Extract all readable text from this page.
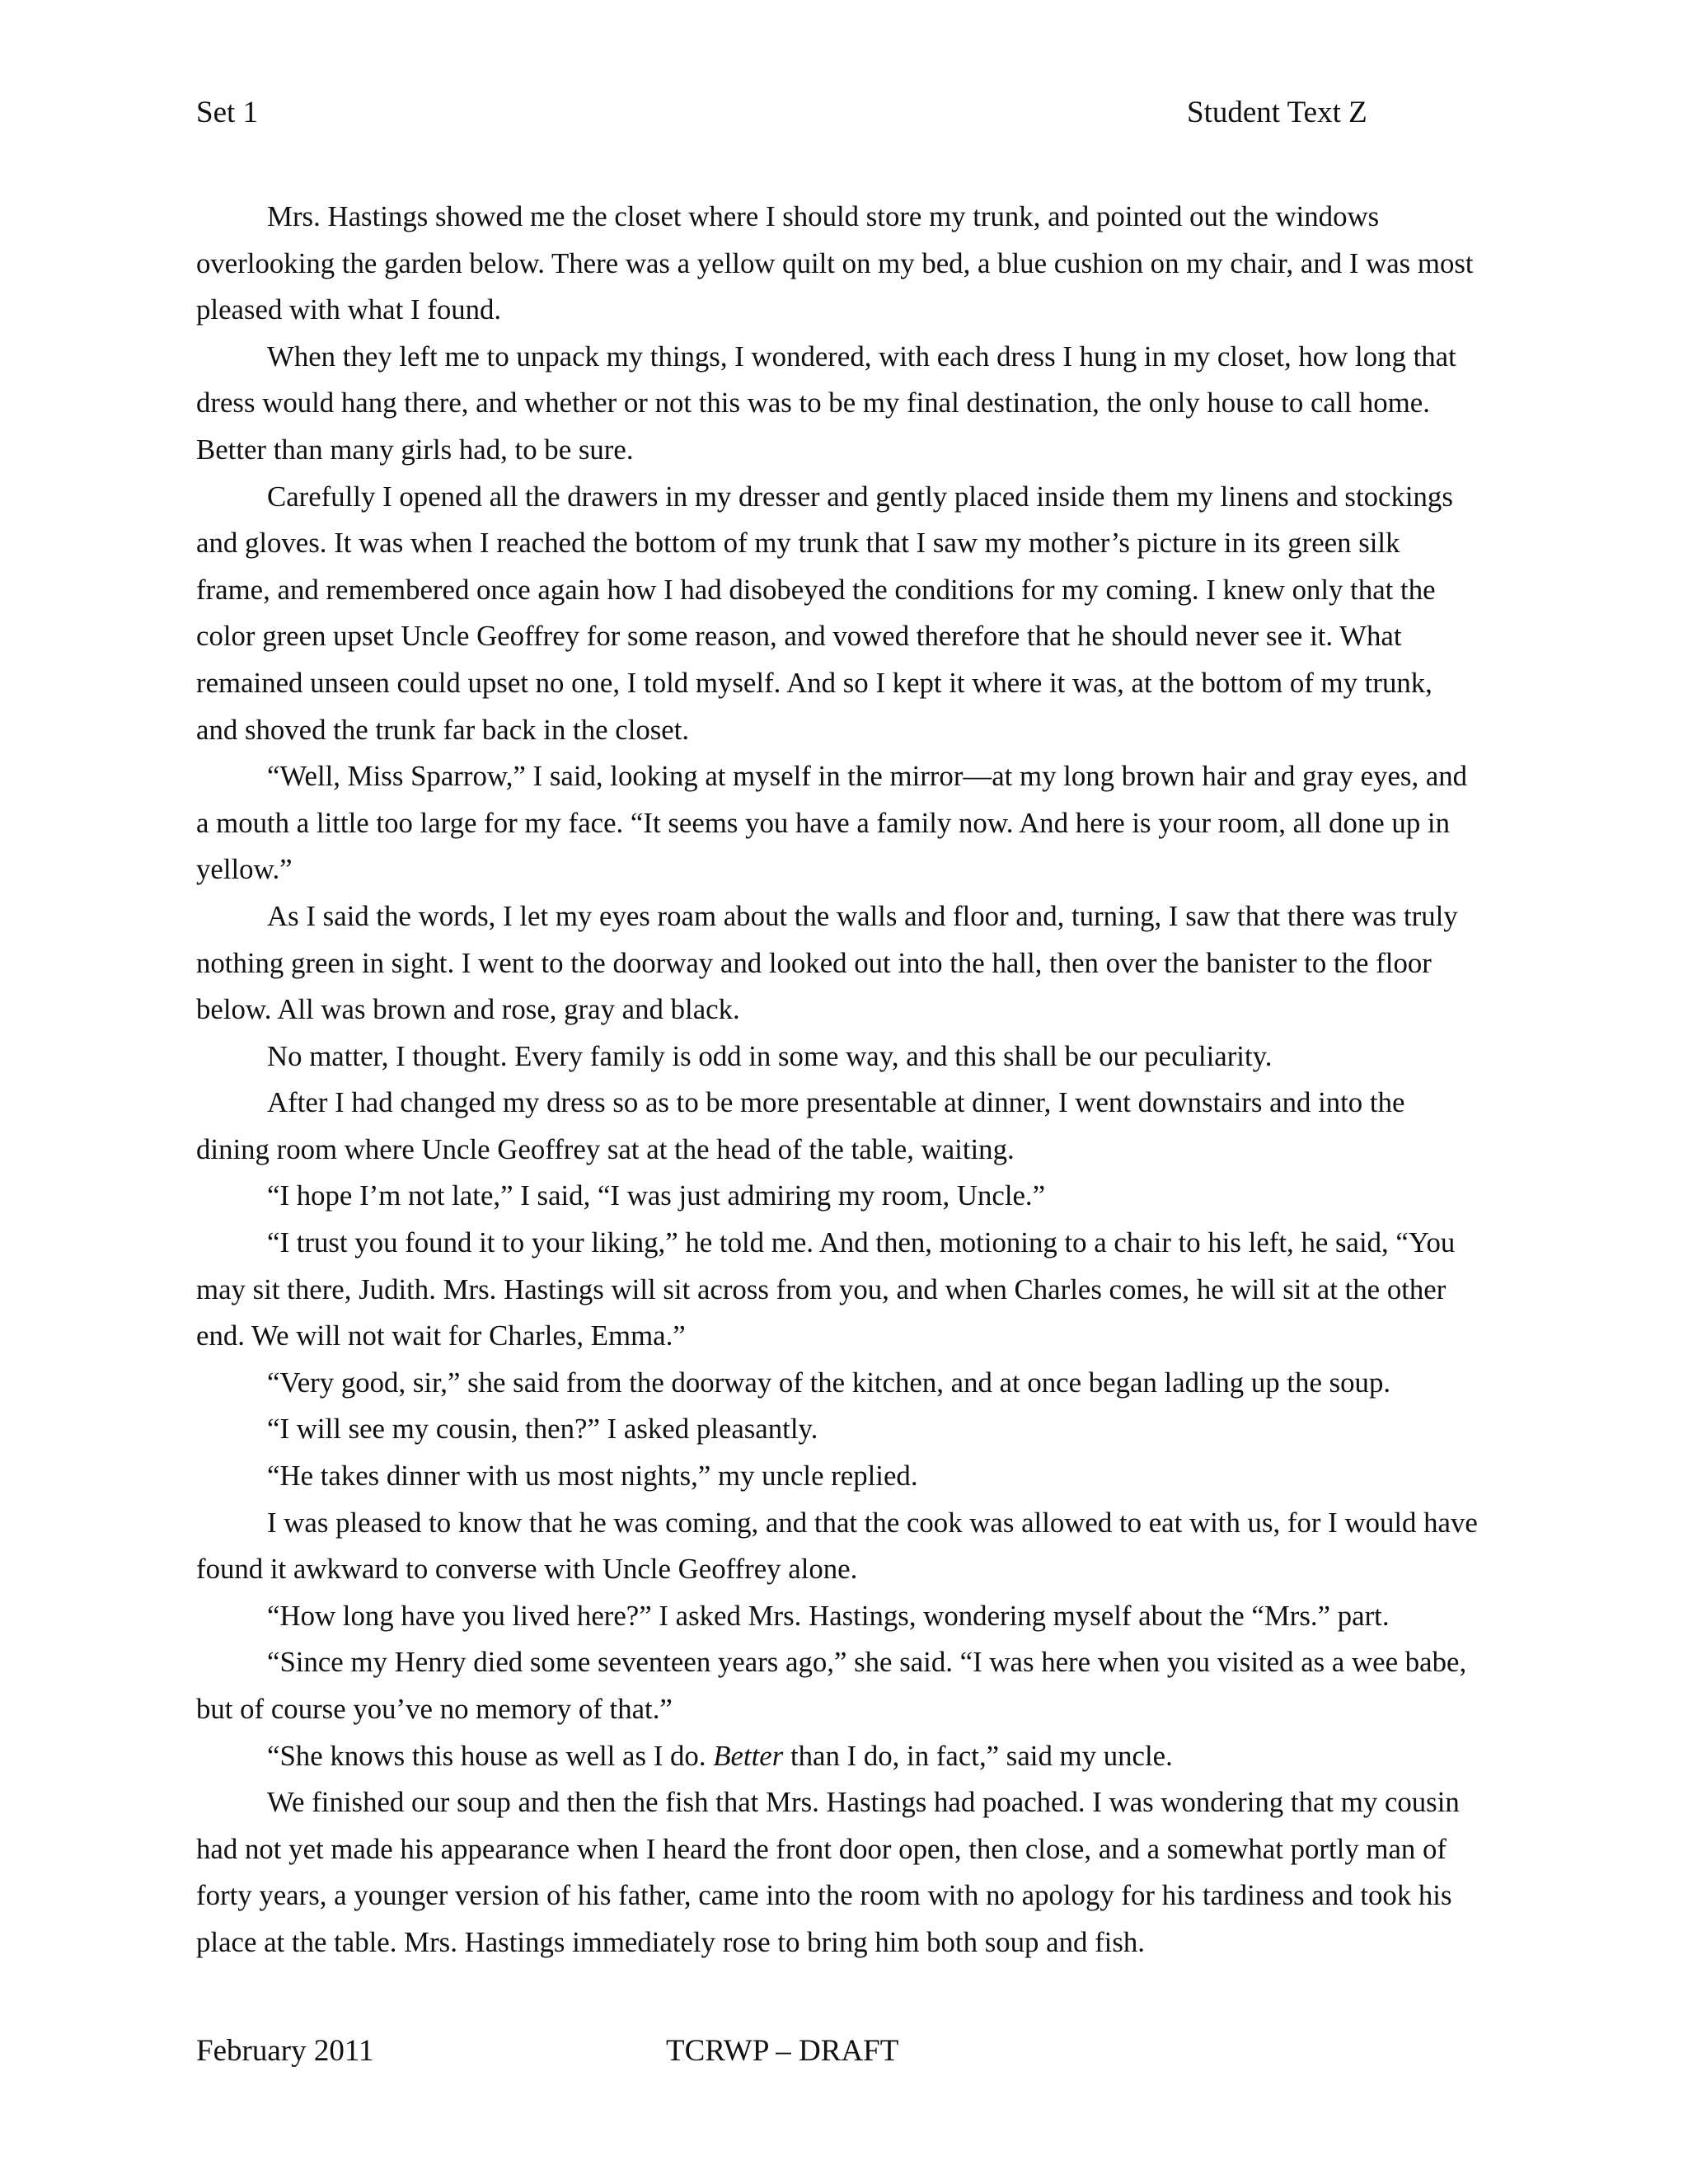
Set 1	Student Text Z

Mrs. Hastings showed me the closet where I should store my trunk, and pointed out the windows overlooking the garden below. There was a yellow quilt on my bed, a blue cushion on my chair, and I was most pleased with what I found.

When they left me to unpack my things, I wondered, with each dress I hung in my closet, how long that dress would hang there, and whether or not this was to be my final destination, the only house to call home. Better than many girls had, to be sure.

Carefully I opened all the drawers in my dresser and gently placed inside them my linens and stockings and gloves. It was when I reached the bottom of my trunk that I saw my mother’s picture in its green silk frame, and remembered once again how I had disobeyed the conditions for my coming. I knew only that the color green upset Uncle Geoffrey for some reason, and vowed therefore that he should never see it. What remained unseen could upset no one, I told myself. And so I kept it where it was, at the bottom of my trunk, and shoved the trunk far back in the closet.

“Well, Miss Sparrow,” I said, looking at myself in the mirror—at my long brown hair and gray eyes, and a mouth a little too large for my face. “It seems you have a family now. And here is your room, all done up in yellow.”

As I said the words, I let my eyes roam about the walls and floor and, turning, I saw that there was truly nothing green in sight. I went to the doorway and looked out into the hall, then over the banister to the floor below. All was brown and rose, gray and black.

No matter, I thought. Every family is odd in some way, and this shall be our peculiarity.

After I had changed my dress so as to be more presentable at dinner, I went downstairs and into the dining room where Uncle Geoffrey sat at the head of the table, waiting.

“I hope I’m not late,” I said, “I was just admiring my room, Uncle.”

“I trust you found it to your liking,” he told me. And then, motioning to a chair to his left, he said, “You may sit there, Judith. Mrs. Hastings will sit across from you, and when Charles comes, he will sit at the other end. We will not wait for Charles, Emma.”

“Very good, sir,” she said from the doorway of the kitchen, and at once began ladling up the soup.

“I will see my cousin, then?” I asked pleasantly.

“He takes dinner with us most nights,” my uncle replied.

I was pleased to know that he was coming, and that the cook was allowed to eat with us, for I would have found it awkward to converse with Uncle Geoffrey alone.

“How long have you lived here?” I asked Mrs. Hastings, wondering myself about the “Mrs.” part.

“Since my Henry died some seventeen years ago,” she said. “I was here when you visited as a wee babe, but of course you’ve no memory of that.”

“She knows this house as well as I do. Better than I do, in fact,” said my uncle.

We finished our soup and then the fish that Mrs. Hastings had poached. I was wondering that my cousin had not yet made his appearance when I heard the front door open, then close, and a somewhat portly man of forty years, a younger version of his father, came into the room with no apology for his tardiness and took his place at the table. Mrs. Hastings immediately rose to bring him both soup and fish.

February 2011	TCRWP – DRAFT
